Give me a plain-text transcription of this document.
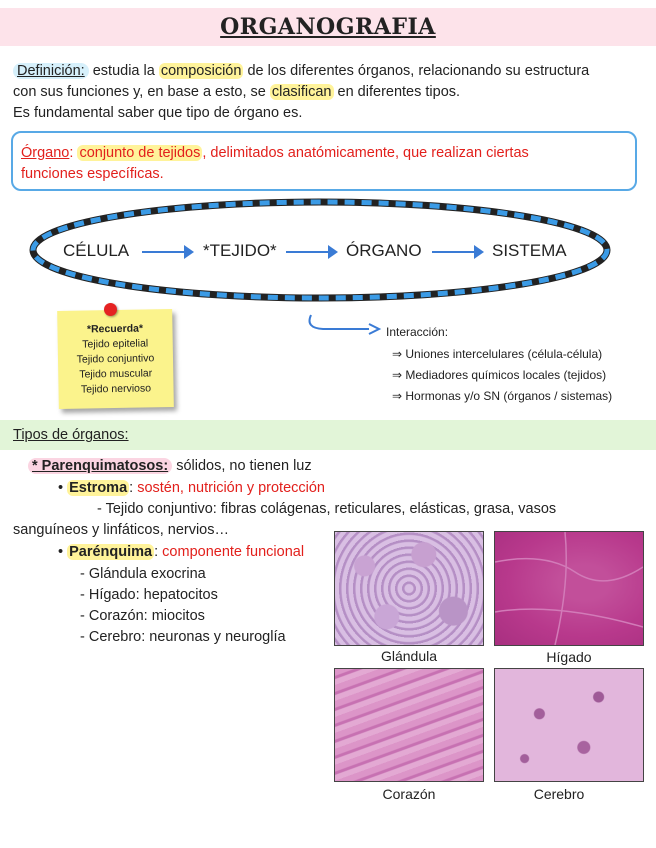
ORGANOGRAFIA

Definición: estudia la composición de los diferentes órganos, relacionando su estructura

con sus funciones y, en base a esto, se clasifican en diferentes tipos.

Es fundamental saber que tipo de órgano es.

Órgano: conjunto de tejidos , delimitados anatómicamente, que realizan ciertas

funciones específicas.

CÉLULA	*TEJIDO*	ÓRGANO	SISTEMA
*Recuerda*
Tejido epitelial
Tejido conjuntivo
Tejido muscular
Tejido nervioso
Interacción:
⇒ Uniones intercelulares (célula-célula)
⇒ Mediadores químicos locales (tejidos)
⇒ Hormonas y/o SN (órganos / sistemas)
Tipos de órganos:
* Parenquimatosos: sólidos, no tienen luz
• Estroma : sostén, nutrición y protección
- Tejido conjuntivo: fibras colágenas, reticulares, elásticas, grasa, vasos
sanguíneos y linfáticos, nervios…
• Parénquima : componente funcional
- Glándula exocrina
- Hígado: hepatocitos
- Corazón: miocitos
- Cerebro: neuronas y neuroglía
Glándula	Hígado
Corazón	Cerebro
